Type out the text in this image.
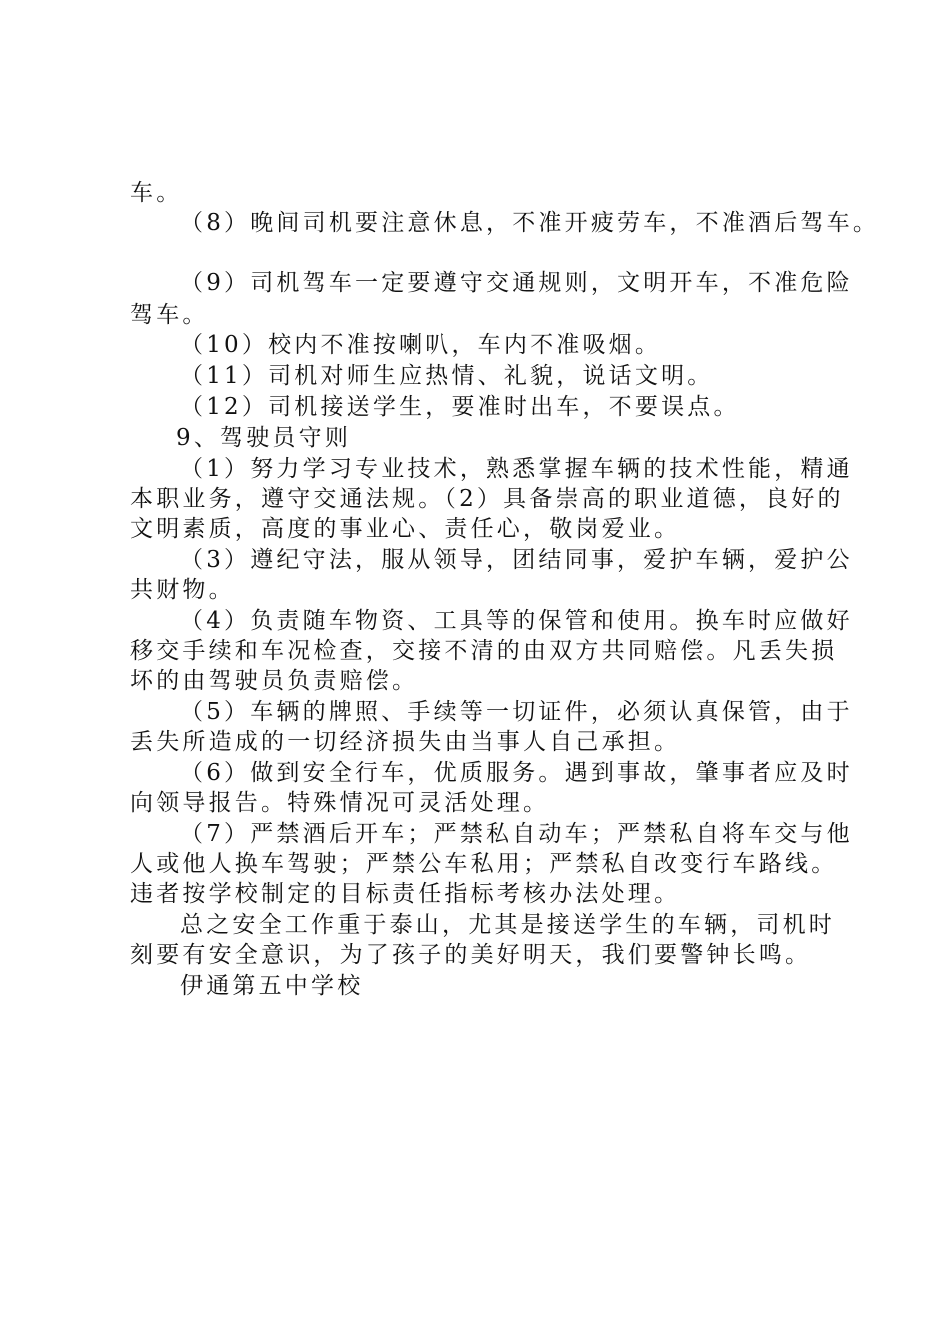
车。
（8）晚间司机要注意休息，不准开疲劳车，不准酒后驾车。
（9）司机驾车一定要遵守交通规则，文明开车，不准危险
驾车。
（10）校内不准按喇叭，车内不准吸烟。
（11）司机对师生应热情、礼貌，说话文明。
（12）司机接送学生，要准时出车，不要误点。
9、驾驶员守则
（1）努力学习专业技术，熟悉掌握车辆的技术性能，精通
本职业务，遵守交通法规。（2）具备崇高的职业道德，良好的
文明素质，高度的事业心、责任心，敬岗爱业。
（3）遵纪守法，服从领导，团结同事，爱护车辆，爱护公
共财物。
（4）负责随车物资、工具等的保管和使用。换车时应做好
移交手续和车况检查，交接不清的由双方共同赔偿。凡丢失损
坏的由驾驶员负责赔偿。
（5）车辆的牌照、手续等一切证件，必须认真保管，由于
丢失所造成的一切经济损失由当事人自己承担。
（6）做到安全行车，优质服务。遇到事故，肇事者应及时
向领导报告。特殊情况可灵活处理。
（7）严禁酒后开车；严禁私自动车；严禁私自将车交与他
人或他人换车驾驶；严禁公车私用；严禁私自改变行车路线。
违者按学校制定的目标责任指标考核办法处理。
总之安全工作重于泰山，尤其是接送学生的车辆，司机时
刻要有安全意识，为了孩子的美好明天，我们要警钟长鸣。
伊通第五中学校
